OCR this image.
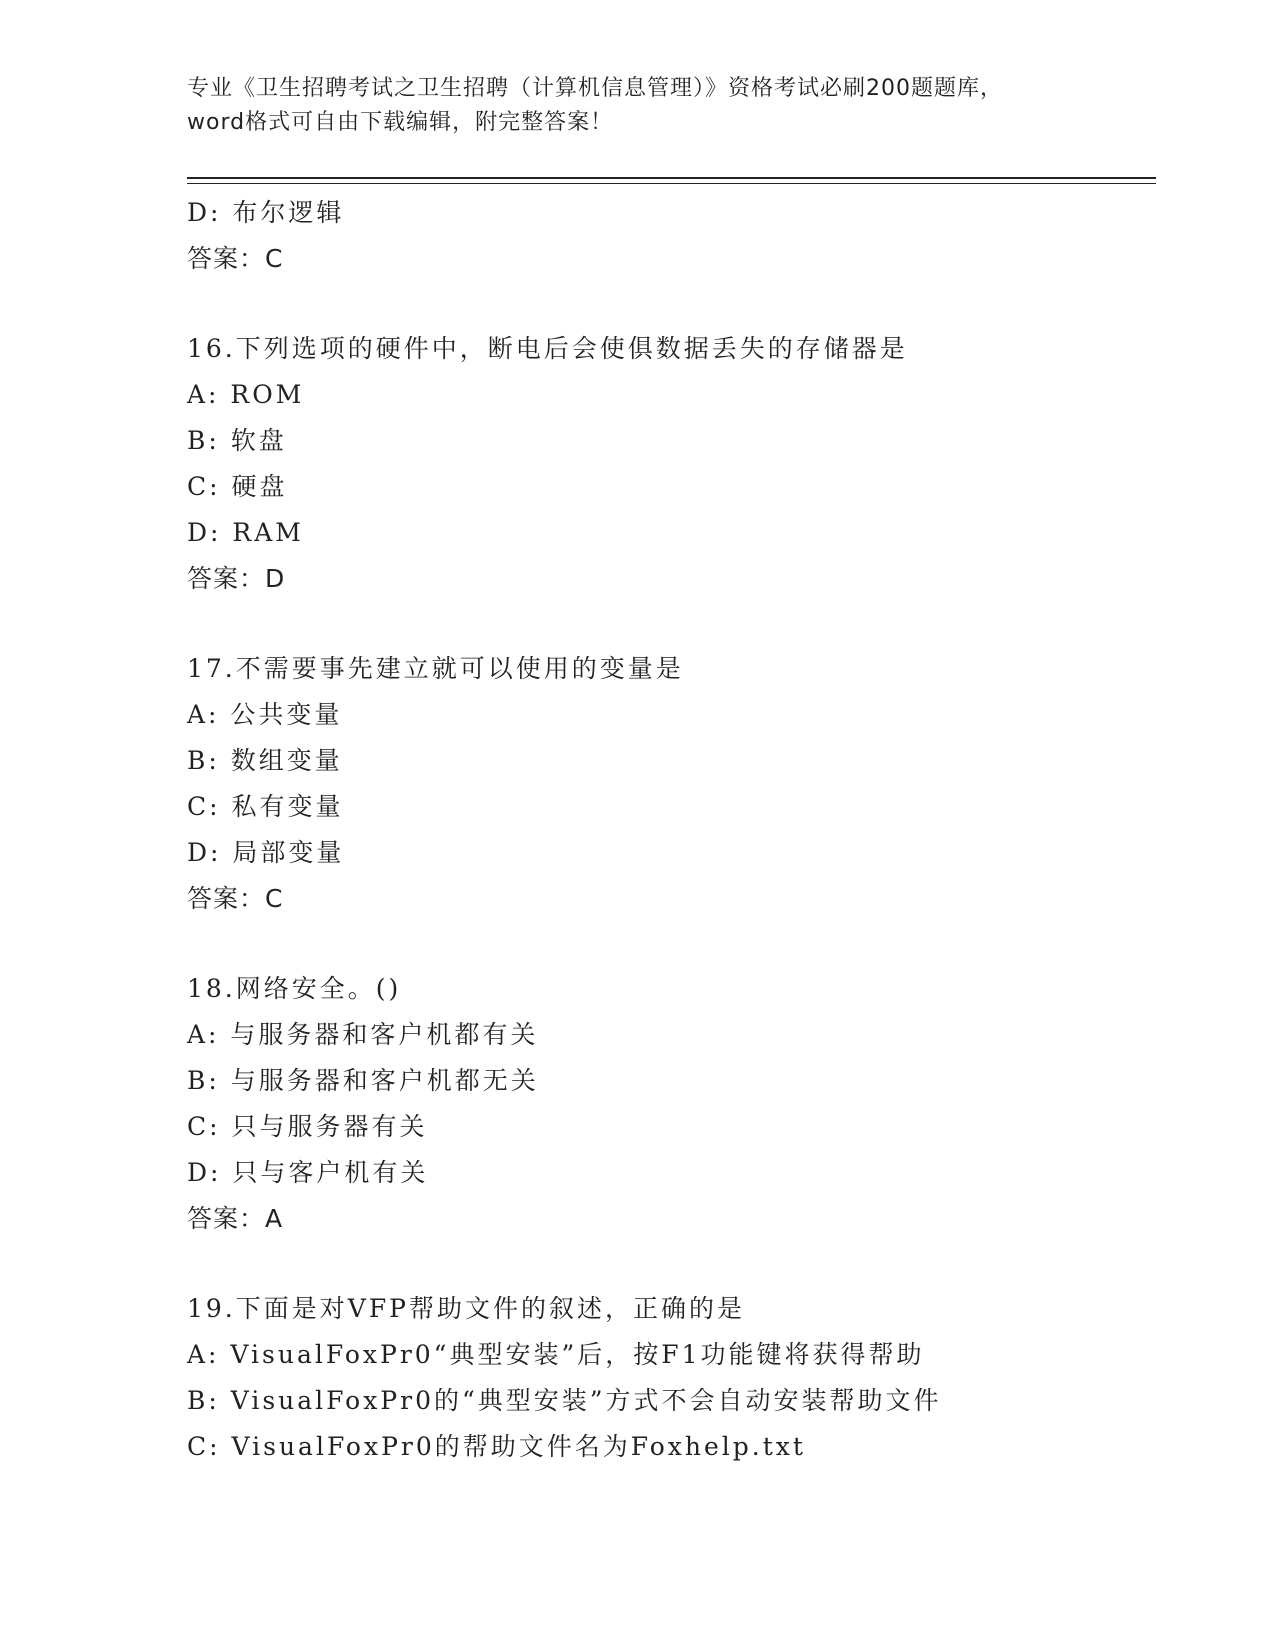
专业《卫生招聘考试之卫生招聘（计算机信息管理）》资格考试必刷200题题库，
word格式可自由下载编辑，附完整答案！
D: 布尔逻辑
答案：C
16.下列选项的硬件中，断电后会使俱数据丢失的存储器是
A: ROM
B: 软盘
C: 硬盘
D: RAM
答案：D
17.不需要事先建立就可以使用的变量是
A: 公共变量
B: 数组变量
C: 私有变量
D: 局部变量
答案：C
18.网络安全。()
A: 与服务器和客户机都有关
B: 与服务器和客户机都无关
C: 只与服务器有关
D: 只与客户机有关
答案：A
19.下面是对VFP帮助文件的叙述，正确的是
A: VisualFoxPr0“典型安装”后，按F1功能键将获得帮助
B: VisualFoxPr0的“典型安装”方式不会自动安装帮助文件
C: VisualFoxPr0的帮助文件名为Foxhelp.txt
